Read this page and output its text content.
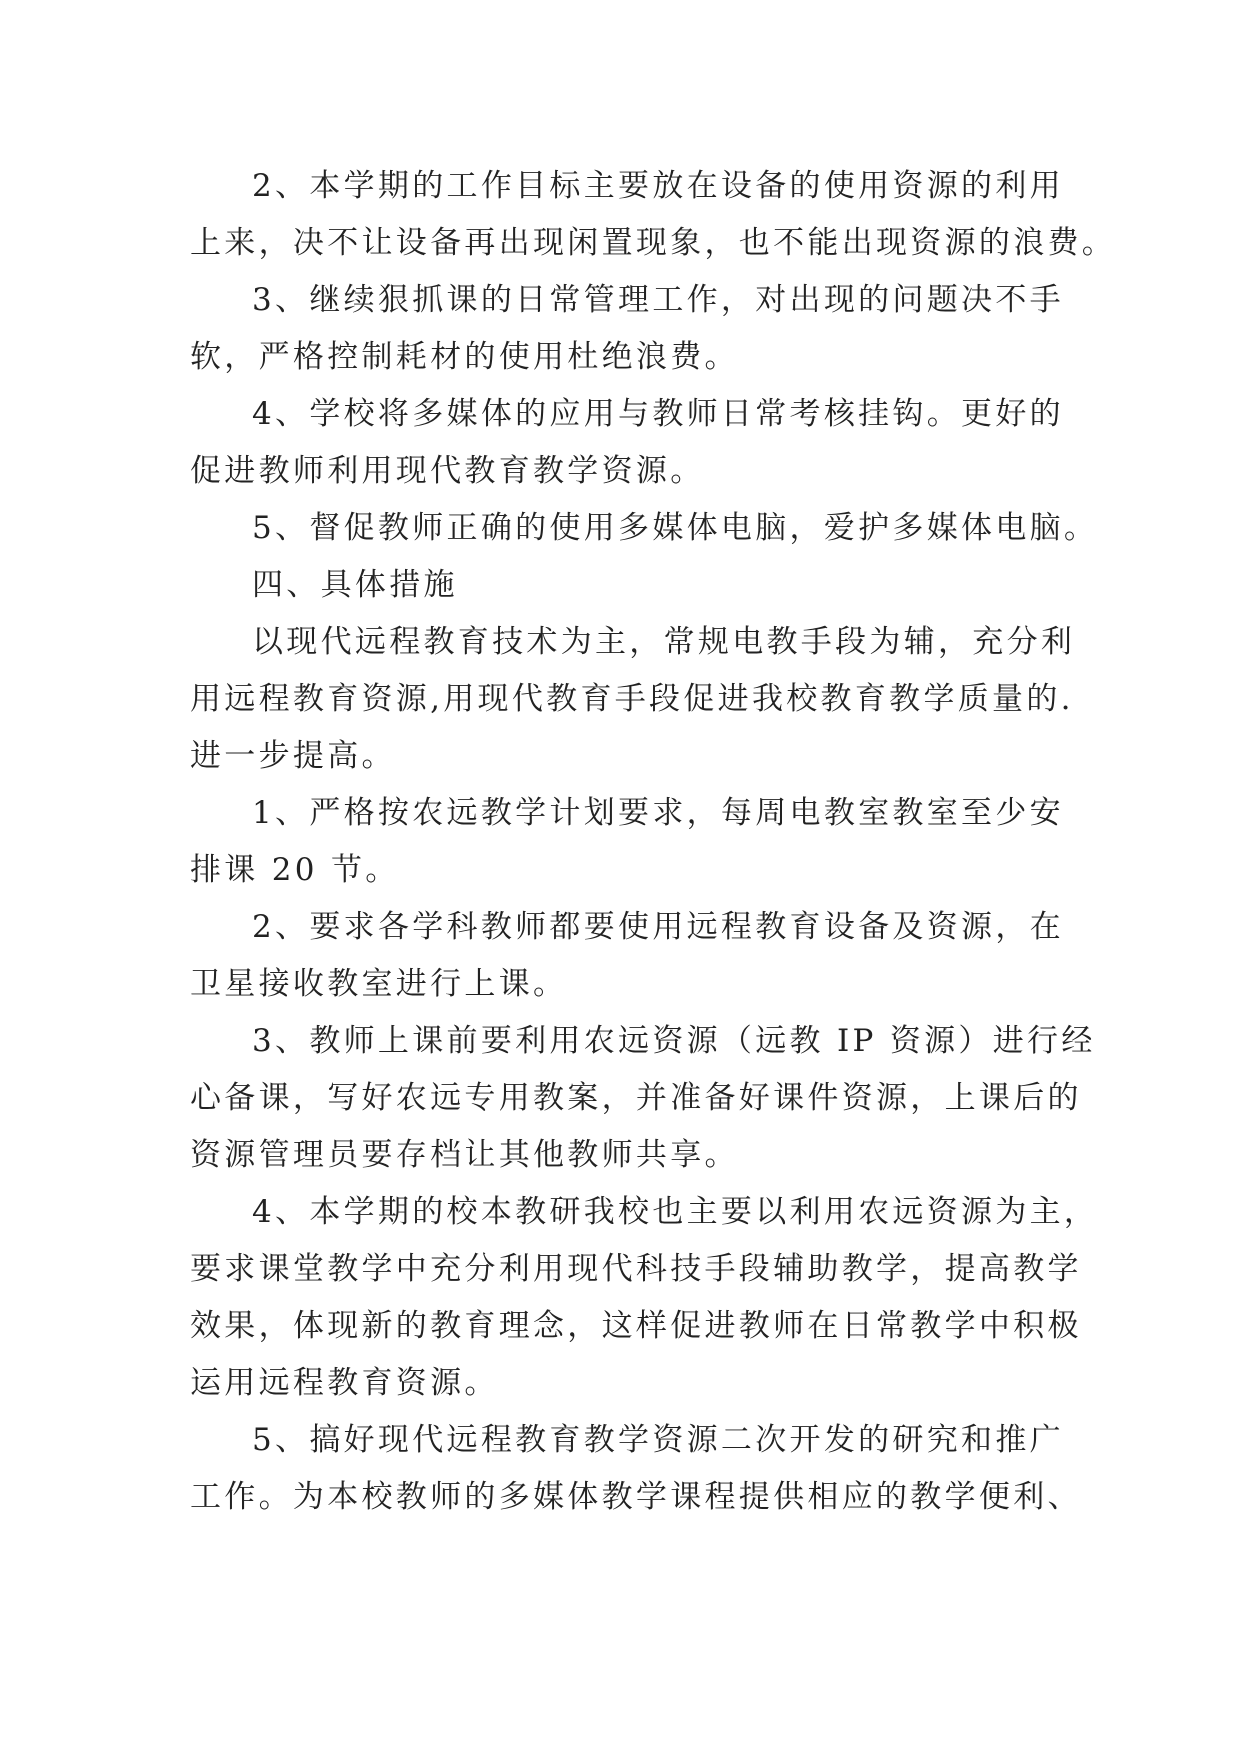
2、本学期的工作目标主要放在设备的使用资源的利用
上来，决不让设备再出现闲置现象，也不能出现资源的浪费。
3、继续狠抓课的日常管理工作，对出现的问题决不手
软，严格控制耗材的使用杜绝浪费。
4、学校将多媒体的应用与教师日常考核挂钩。更好的
促进教师利用现代教育教学资源。
5、督促教师正确的使用多媒体电脑，爱护多媒体电脑。
四、具体措施
以现代远程教育技术为主，常规电教手段为辅，充分利
用远程教育资源,用现代教育手段促进我校教育教学质量的.
进一步提高。
1、严格按农远教学计划要求，每周电教室教室至少安
排课 20 节。
2、要求各学科教师都要使用远程教育设备及资源，在
卫星接收教室进行上课。
3、教师上课前要利用农远资源（远教 IP 资源）进行经
心备课，写好农远专用教案，并准备好课件资源，上课后的
资源管理员要存档让其他教师共享。
4、本学期的校本教研我校也主要以利用农远资源为主，
要求课堂教学中充分利用现代科技手段辅助教学，提高教学
效果，体现新的教育理念，这样促进教师在日常教学中积极
运用远程教育资源。
5、搞好现代远程教育教学资源二次开发的研究和推广
工作。为本校教师的多媒体教学课程提供相应的教学便利、
